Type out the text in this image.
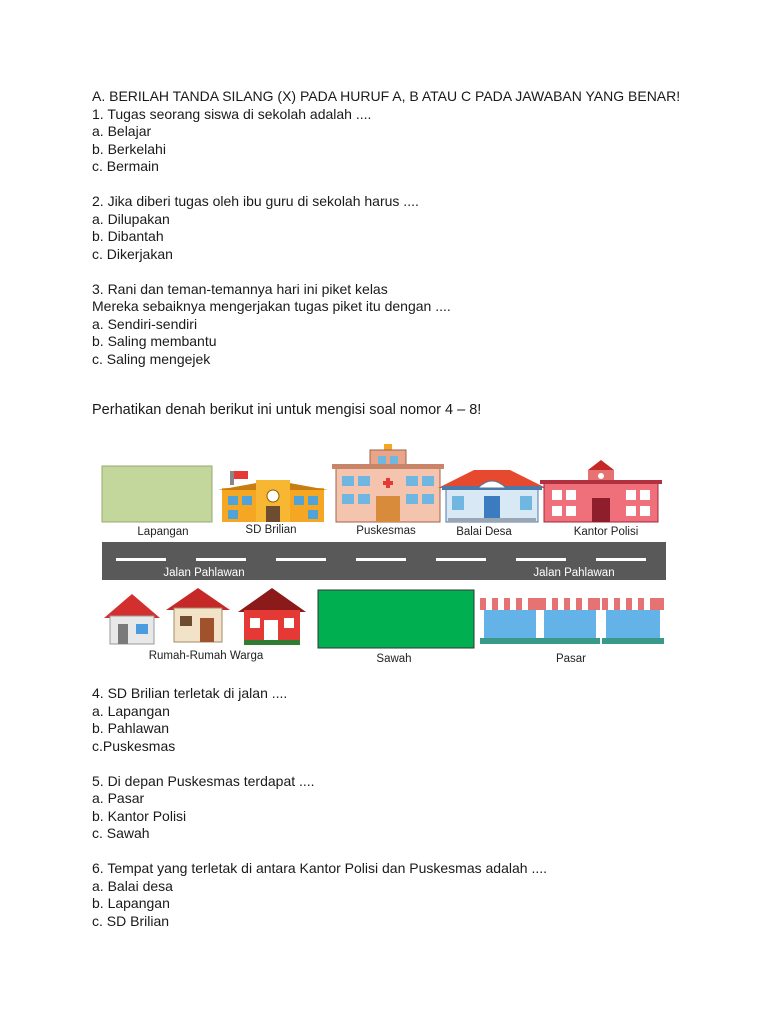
A. BERILAH TANDA SILANG (X) PADA HURUF A, B ATAU C PADA JAWABAN YANG BENAR!
1. Tugas seorang siswa di sekolah adalah ....
a. Belajar
b. Berkelahi
c. Bermain
2. Jika diberi tugas oleh ibu guru di sekolah harus ....
a. Dilupakan
b. Dibantah
c. Dikerjakan
3. Rani dan teman-temannya hari ini piket kelas
Mereka sebaiknya mengerjakan tugas piket itu dengan ....
a. Sendiri-sendiri
b. Saling membantu
c. Saling mengejek
Perhatikan denah berikut ini untuk mengisi soal nomor 4 – 8!
Lapangan	SD Brilian	Puskesmas	Balai Desa	Kantor Polisi
Jalan Pahlawan	Jalan Pahlawan
Rumah-Rumah Warga	Sawah	Pasar
4. SD Brilian terletak di jalan ....
a. Lapangan
b. Pahlawan
c.Puskesmas
5. Di depan Puskesmas terdapat ....
a. Pasar
b. Kantor Polisi
c. Sawah
6. Tempat yang terletak di antara Kantor Polisi dan Puskesmas adalah ....
a. Balai desa
b. Lapangan
c. SD Brilian
